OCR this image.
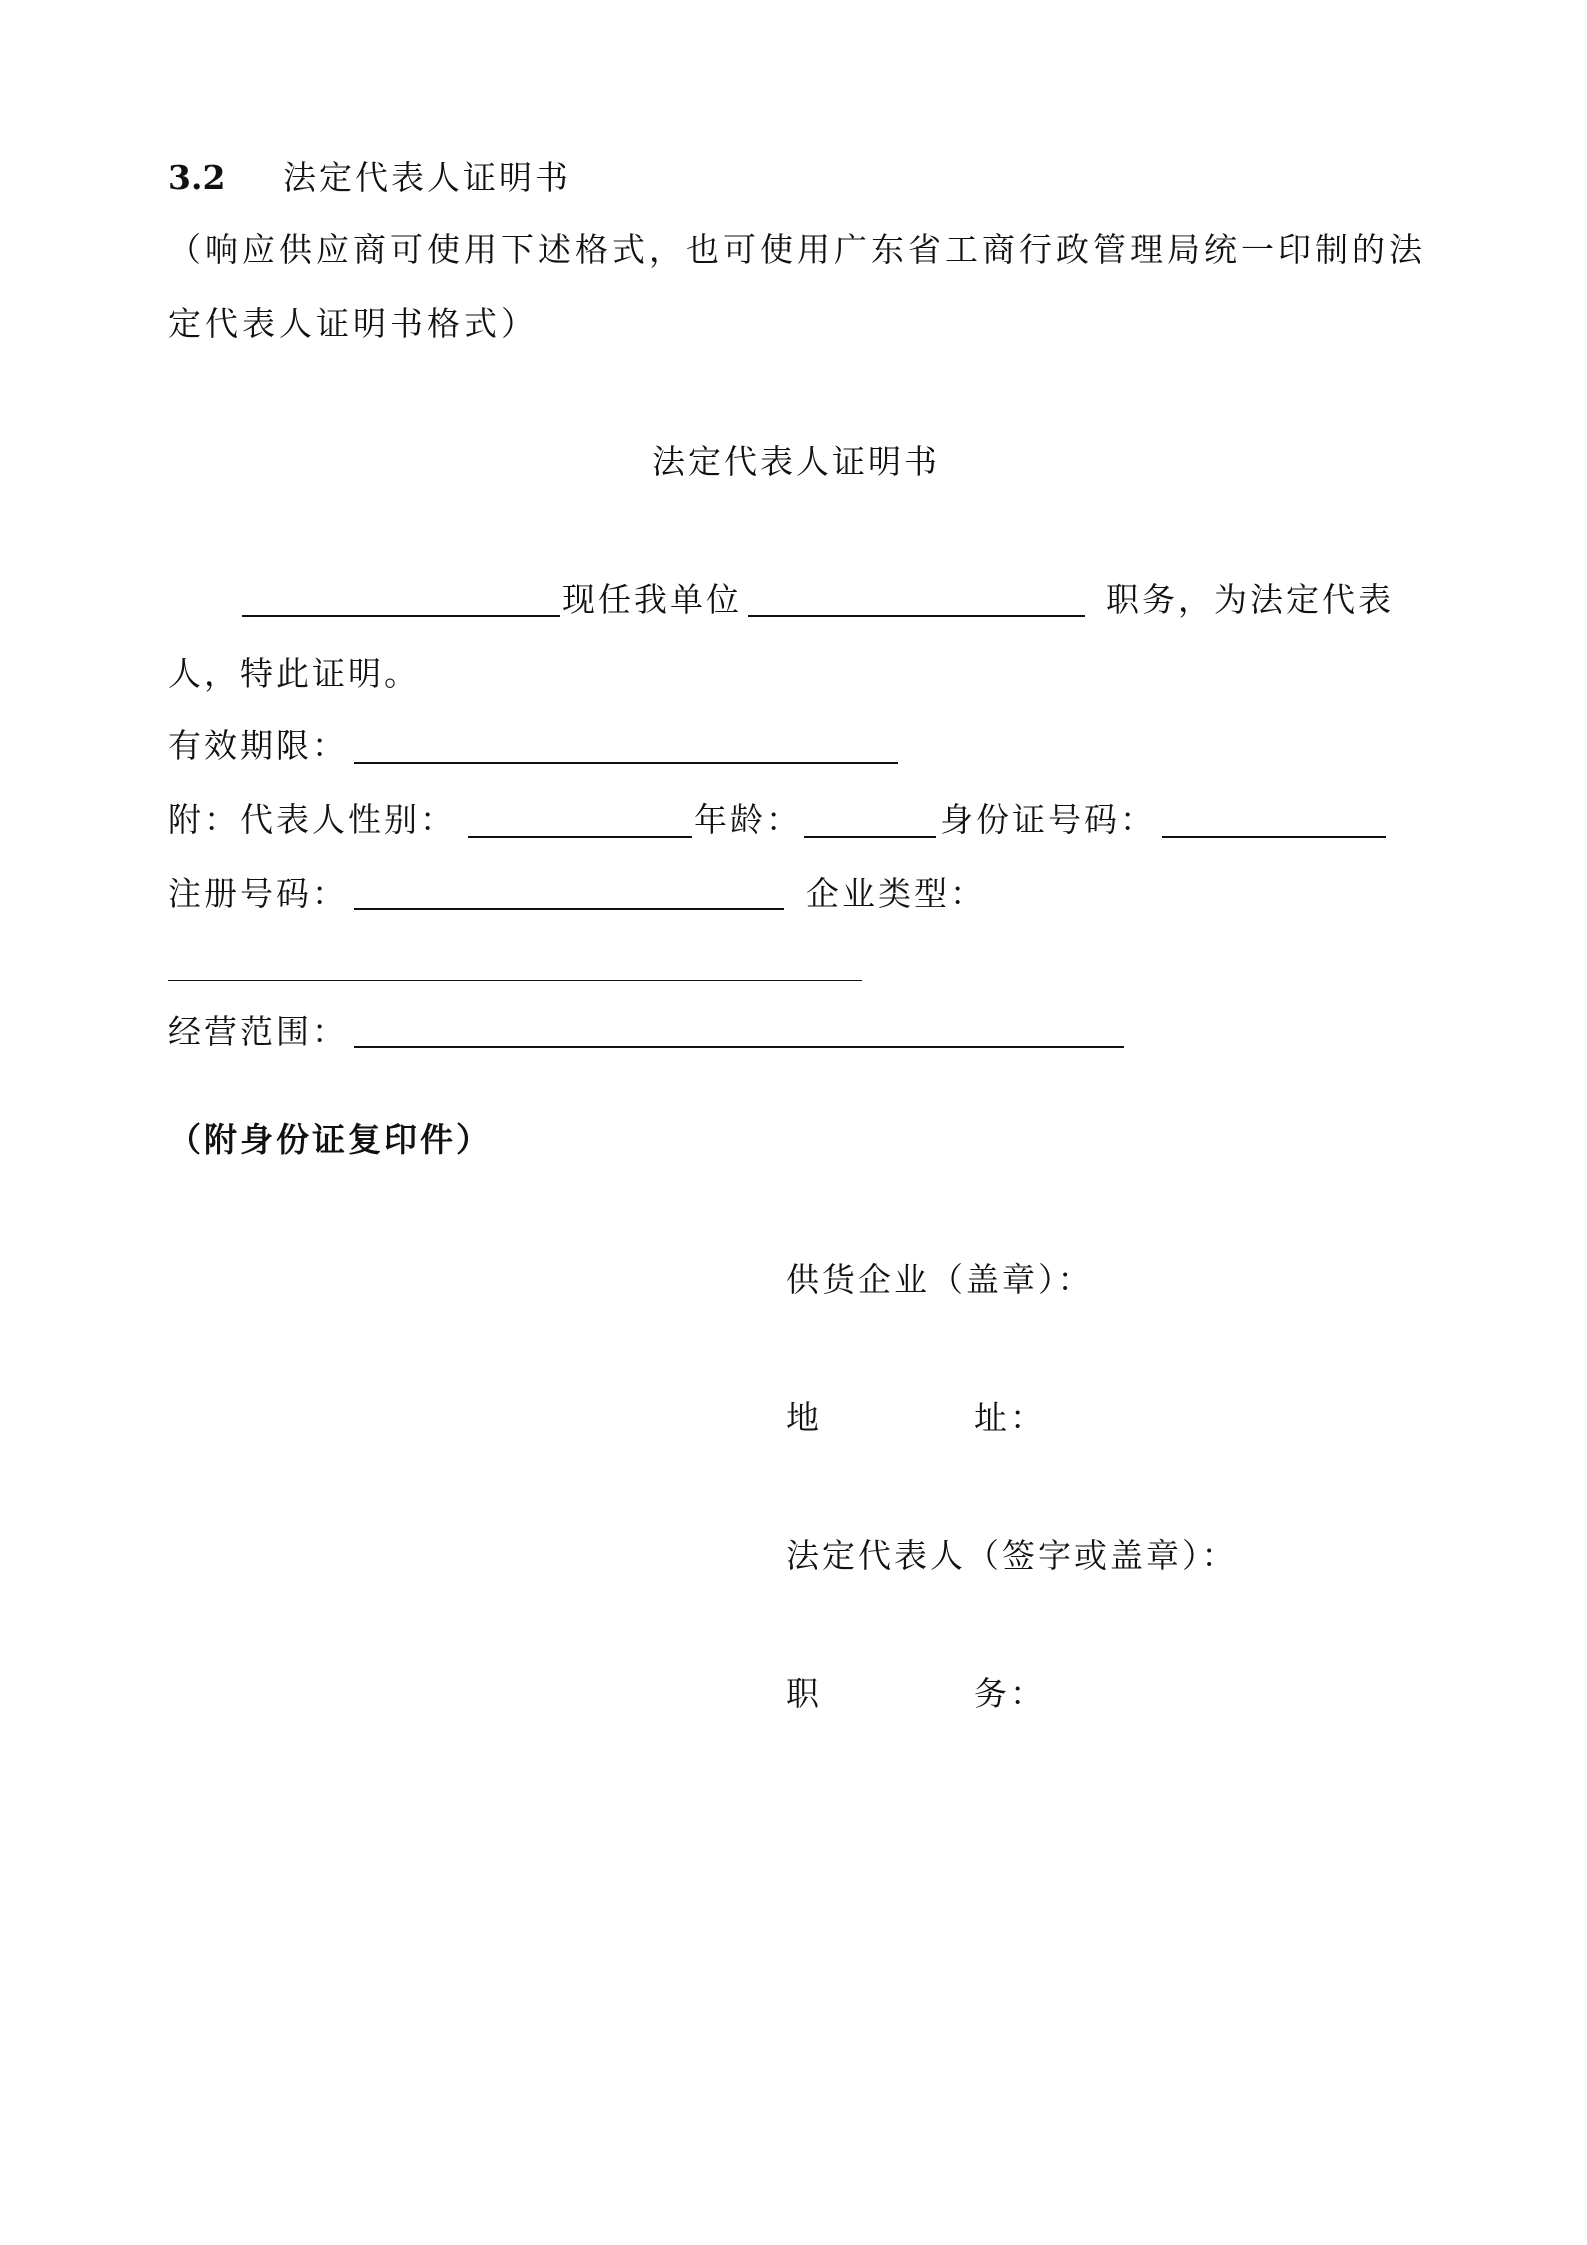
3.2 法定代表人证明书
（响应供应商可使用下述格式，也可使用广东省工商行政管理局统一印制的法
定代表人证明书格式）
法定代表人证明书
现任我单位	职务，为法定代表
人，特此证明。
有效期限：
附：代表人性别：	年龄：	身份证号码：
注册号码：	企业类型：
经营范围：
（附身份证复印件）
供货企业（盖章）：
地	址：
法定代表人（签字或盖章）：
职	务：
